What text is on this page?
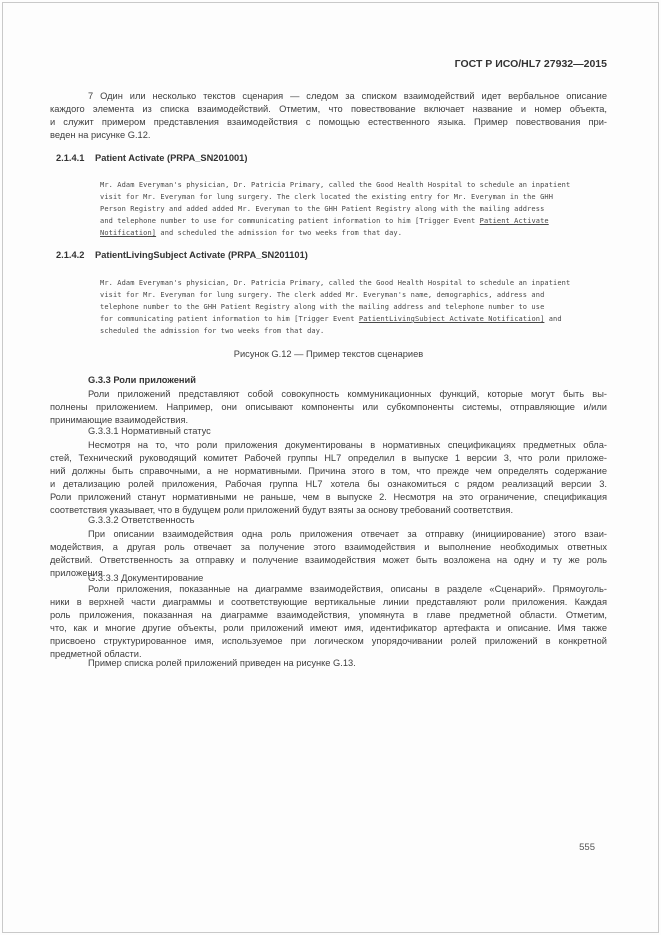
ГОСТ Р ИСО/HL7 27932—2015
7 Один или несколько текстов сценария — следом за списком взаимодействий идет вербальное описание
каждого элемента из списка взаимодействий. Отметим, что повествование включает название и номер объекта,
и служит примером представления взаимодействия с помощью естественного языка. Пример повествования при-
веден на рисунке G.12.
2.1.4.1	Patient Activate (PRPA_SN201001)
Mr. Adam Everyman's physician, Dr. Patricia Primary, called the Good Health Hospital to schedule an inpatient
visit for Mr. Everyman for lung surgery. The clerk located the existing entry for Mr. Everyman in the GHH
Person Registry and added added Mr. Everyman to the GHH Patient Registry along with the mailing address
and telephone number to use for communicating patient information to him [Trigger Event Patient Activate
Notification] and scheduled the admission for two weeks from that day.
2.1.4.2	PatientLivingSubject Activate (PRPA_SN201101)
Mr. Adam Everyman's physician, Dr. Patricia Primary, called the Good Health Hospital to schedule an inpatient
visit for Mr. Everyman for lung surgery. The clerk added Mr. Everyman's name, demographics, address and
telephone number to the GHH Patient Registry along with the mailing address and telephone number to use
for communicating patient information to him [Trigger Event PatientLivingSubject Activate Notification] and
scheduled the admission for two weeks from that day.
Рисунок G.12 — Пример текстов сценариев
G.3.3 Роли приложений
Роли приложений представляют собой совокупность коммуникационных функций, которые могут быть вы-
полнены приложением. Например, они описывают компоненты или субкомпоненты системы, отправляющие и/или
принимающие взаимодействия.
G.3.3.1 Нормативный статус
Несмотря на то, что роли приложения документированы в нормативных спецификациях предметных обла-
стей, Технический руководящий комитет Рабочей группы HL7 определил в выпуске 1 версии 3, что роли приложе-
ний должны быть справочными, а не нормативными. Причина этого в том, что прежде чем определять содержание
и детализацию ролей приложения, Рабочая группа HL7 хотела бы ознакомиться с рядом реализаций версии 3.
Роли приложений станут нормативными не раньше, чем в выпуске 2. Несмотря на это ограничение, спецификация
соответствия указывает, что в будущем роли приложений будут взяты за основу требований соответствия.
G.3.3.2 Ответственность
При описании взаимодействия одна роль приложения отвечает за отправку (инициирование) этого взаи-
модействия, а другая роль отвечает за получение этого взаимодействия и выполнение необходимых ответных
действий. Ответственность за отправку и получение взаимодействия может быть возложена на одну и ту же роль
приложения.
G.3.3.3 Документирование
Роли приложения, показанные на диаграмме взаимодействия, описаны в разделе «Сценарий». Прямоуголь-
ники в верхней части диаграммы и соответствующие вертикальные линии представляют роли приложения. Каждая
роль приложения, показанная на диаграмме взаимодействия, упомянута в главе предметной области. Отметим,
что, как и многие другие объекты, роли приложений имеют имя, идентификатор артефакта и описание. Имя также
присвоено структурированное имя, используемое при логическом упорядочивании ролей приложений в конкретной
предметной области.
Пример списка ролей приложений приведен на рисунке G.13.
555
